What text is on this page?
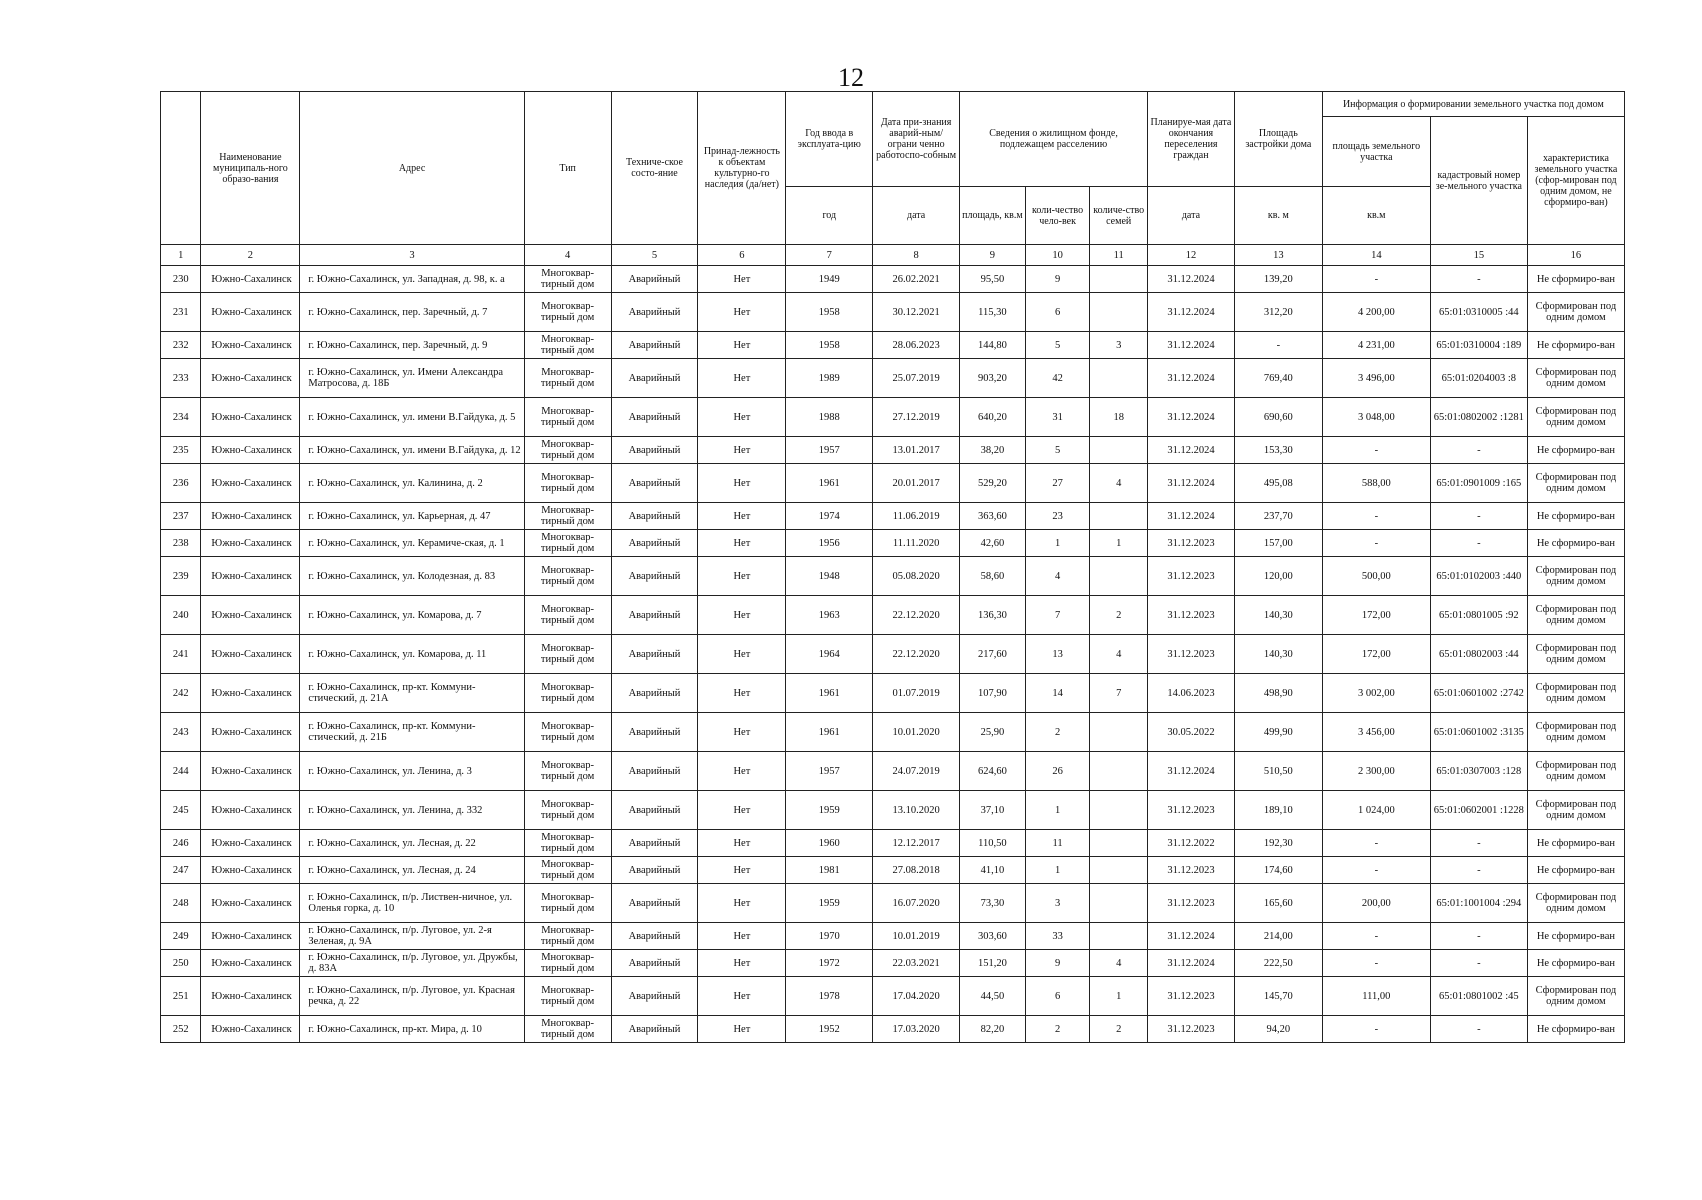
12
	Наименование муниципаль-ного образо-вания	Адрес	Тип	Техниче-ское состо-яние	Принад-лежность к объектам культурно-го наследия (да/нет)	Год ввода в эксплуата-цию	Дата при-знания аварий-ным/ограни ченно работоспо-собным	Сведения о жилищном фонде, подлежащем расселению			Планируе-мая дата окончания переселения граждан	Площадь застройки дома	Информация о формировании земельного участка под домом		
													площадь земельного участка	кадастровый номер зе-мельного участка	характеристика земельного участка (сфор-мирован под одним домом, не сформиро-ван)
						год	дата	площадь, кв.м	коли-чество чело-век	количе-ство семей	дата	кв. м	кв.м		
1	2	3	4	5	6	7	8	9	10	11	12	13	14	15	16
230	Южно-Сахалинск	г. Южно-Сахалинск, ул. Западная, д. 98, к. а	Многоквар-тирный дом	Аварийный	Нет	1949	26.02.2021	95,50	9		31.12.2024	139,20	-	-	Не сформиро-ван
231	Южно-Сахалинск	г. Южно-Сахалинск, пер. Заречный, д. 7	Многоквар-тирный дом	Аварийный	Нет	1958	30.12.2021	115,30	6		31.12.2024	312,20	4 200,00	65:01:0310005 :44	Сформирован под одним домом
232	Южно-Сахалинск	г. Южно-Сахалинск, пер. Заречный, д. 9	Многоквар-тирный дом	Аварийный	Нет	1958	28.06.2023	144,80	5	3	31.12.2024	-	4 231,00	65:01:0310004 :189	Не сформиро-ван
233	Южно-Сахалинск	г. Южно-Сахалинск, ул. Имени Александра Матросова, д. 18Б	Многоквар-тирный дом	Аварийный	Нет	1989	25.07.2019	903,20	42		31.12.2024	769,40	3 496,00	65:01:0204003 :8	Сформирован под одним домом
234	Южно-Сахалинск	г. Южно-Сахалинск, ул. имени В.Гайдука, д. 5	Многоквар-тирный дом	Аварийный	Нет	1988	27.12.2019	640,20	31	18	31.12.2024	690,60	3 048,00	65:01:0802002 :1281	Сформирован под одним домом
235	Южно-Сахалинск	г. Южно-Сахалинск, ул. имени В.Гайдука, д. 12	Многоквар-тирный дом	Аварийный	Нет	1957	13.01.2017	38,20	5		31.12.2024	153,30	-	-	Не сформиро-ван
236	Южно-Сахалинск	г. Южно-Сахалинск, ул. Калинина, д. 2	Многоквар-тирный дом	Аварийный	Нет	1961	20.01.2017	529,20	27	4	31.12.2024	495,08	588,00	65:01:0901009 :165	Сформирован под одним домом
237	Южно-Сахалинск	г. Южно-Сахалинск, ул. Карьерная, д. 47	Многоквар-тирный дом	Аварийный	Нет	1974	11.06.2019	363,60	23		31.12.2024	237,70	-	-	Не сформиро-ван
238	Южно-Сахалинск	г. Южно-Сахалинск, ул. Керамиче-ская, д. 1	Многоквар-тирный дом	Аварийный	Нет	1956	11.11.2020	42,60	1	1	31.12.2023	157,00	-	-	Не сформиро-ван
239	Южно-Сахалинск	г. Южно-Сахалинск, ул. Колодезная, д. 83	Многоквар-тирный дом	Аварийный	Нет	1948	05.08.2020	58,60	4		31.12.2023	120,00	500,00	65:01:0102003 :440	Сформирован под одним домом
240	Южно-Сахалинск	г. Южно-Сахалинск, ул. Комарова, д. 7	Многоквар-тирный дом	Аварийный	Нет	1963	22.12.2020	136,30	7	2	31.12.2023	140,30	172,00	65:01:0801005 :92	Сформирован под одним домом
241	Южно-Сахалинск	г. Южно-Сахалинск, ул. Комарова, д. 11	Многоквар-тирный дом	Аварийный	Нет	1964	22.12.2020	217,60	13	4	31.12.2023	140,30	172,00	65:01:0802003 :44	Сформирован под одним домом
242	Южно-Сахалинск	г. Южно-Сахалинск, пр-кт. Коммуни-стический, д. 21А	Многоквар-тирный дом	Аварийный	Нет	1961	01.07.2019	107,90	14	7	14.06.2023	498,90	3 002,00	65:01:0601002 :2742	Сформирован под одним домом
243	Южно-Сахалинск	г. Южно-Сахалинск, пр-кт. Коммуни-стический, д. 21Б	Многоквар-тирный дом	Аварийный	Нет	1961	10.01.2020	25,90	2		30.05.2022	499,90	3 456,00	65:01:0601002 :3135	Сформирован под одним домом
244	Южно-Сахалинск	г. Южно-Сахалинск, ул. Ленина, д. 3	Многоквар-тирный дом	Аварийный	Нет	1957	24.07.2019	624,60	26		31.12.2024	510,50	2 300,00	65:01:0307003 :128	Сформирован под одним домом
245	Южно-Сахалинск	г. Южно-Сахалинск, ул. Ленина, д. 332	Многоквар-тирный дом	Аварийный	Нет	1959	13.10.2020	37,10	1		31.12.2023	189,10	1 024,00	65:01:0602001 :1228	Сформирован под одним домом
246	Южно-Сахалинск	г. Южно-Сахалинск, ул. Лесная, д. 22	Многоквар-тирный дом	Аварийный	Нет	1960	12.12.2017	110,50	11		31.12.2022	192,30	-	-	Не сформиро-ван
247	Южно-Сахалинск	г. Южно-Сахалинск, ул. Лесная, д. 24	Многоквар-тирный дом	Аварийный	Нет	1981	27.08.2018	41,10	1		31.12.2023	174,60	-	-	Не сформиро-ван
248	Южно-Сахалинск	г. Южно-Сахалинск, п/р. Листвен-ничное, ул. Оленья горка, д. 10	Многоквар-тирный дом	Аварийный	Нет	1959	16.07.2020	73,30	3		31.12.2023	165,60	200,00	65:01:1001004 :294	Сформирован под одним домом
249	Южно-Сахалинск	г. Южно-Сахалинск, п/р. Луговое, ул. 2-я Зеленая, д. 9А	Многоквар-тирный дом	Аварийный	Нет	1970	10.01.2019	303,60	33		31.12.2024	214,00	-	-	Не сформиро-ван
250	Южно-Сахалинск	г. Южно-Сахалинск, п/р. Луговое, ул. Дружбы, д. 83А	Многоквар-тирный дом	Аварийный	Нет	1972	22.03.2021	151,20	9	4	31.12.2024	222,50	-	-	Не сформиро-ван
251	Южно-Сахалинск	г. Южно-Сахалинск, п/р. Луговое, ул. Красная речка, д. 22	Многоквар-тирный дом	Аварийный	Нет	1978	17.04.2020	44,50	6	1	31.12.2023	145,70	111,00	65:01:0801002 :45	Сформирован под одним домом
252	Южно-Сахалинск	г. Южно-Сахалинск, пр-кт. Мира, д. 10	Многоквар-тирный дом	Аварийный	Нет	1952	17.03.2020	82,20	2	2	31.12.2023	94,20	-	-	Не сформиро-ван
